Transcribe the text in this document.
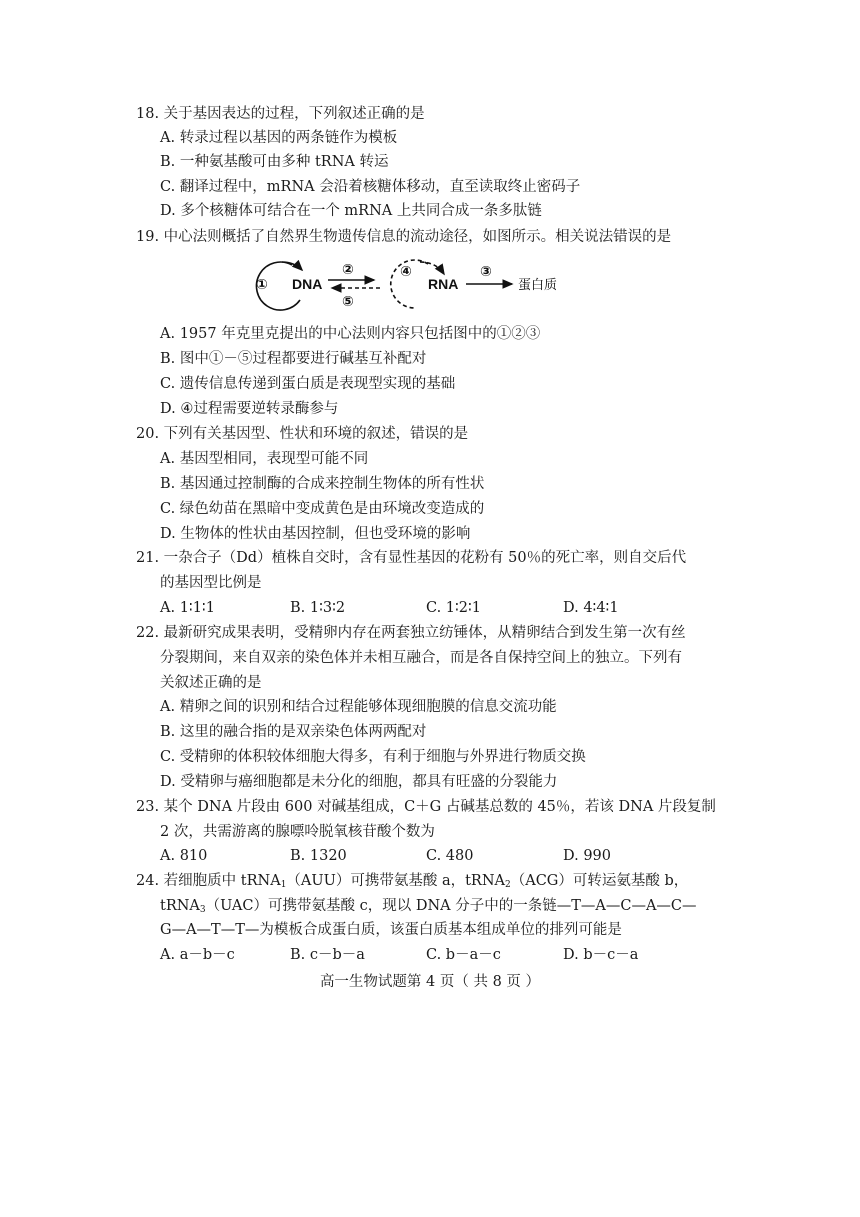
18. 关于基因表达的过程，下列叙述正确的是
A. 转录过程以基因的两条链作为模板
B. 一种氨基酸可由多种 tRNA 转运
C. 翻译过程中，mRNA 会沿着核糖体移动，直至读取终止密码子
D. 多个核糖体可结合在一个 mRNA 上共同合成一条多肽链
19. 中心法则概括了自然界生物遗传信息的流动途径，如图所示。相关说法错误的是
① DNA
②
⑤
④
RNA
③
蛋白质
A. 1957 年克里克提出的中心法则内容只包括图中的①②③
B. 图中①－⑤过程都要进行碱基互补配对
C. 遗传信息传递到蛋白质是表现型实现的基础
D. ④过程需要逆转录酶参与
20. 下列有关基因型、性状和环境的叙述，错误的是
A. 基因型相同，表现型可能不同
B. 基因通过控制酶的合成来控制生物体的所有性状
C. 绿色幼苗在黑暗中变成黄色是由环境改变造成的
D. 生物体的性状由基因控制，但也受环境的影响
21. 一杂合子（Dd）植株自交时，含有显性基因的花粉有 50％的死亡率，则自交后代
的基因型比例是
A. 1∶1∶1	B. 1∶3∶2	C. 1∶2∶1	D. 4∶4∶1
22. 最新研究成果表明，受精卵内存在两套独立纺锤体，从精卵结合到发生第一次有丝
分裂期间，来自双亲的染色体并未相互融合，而是各自保持空间上的独立。下列有
关叙述正确的是
A. 精卵之间的识别和结合过程能够体现细胞膜的信息交流功能
B. 这里的融合指的是双亲染色体两两配对
C. 受精卵的体积较体细胞大得多，有利于细胞与外界进行物质交换
D. 受精卵与癌细胞都是未分化的细胞，都具有旺盛的分裂能力
23. 某个 DNA 片段由 600 对碱基组成，C＋G 占碱基总数的 45％，若该 DNA 片段复制
2 次，共需游离的腺嘌呤脱氧核苷酸个数为
A. 810	B. 1320	C. 480	D. 990
24. 若细胞质中 tRNA$_1$（AUU）可携带氨基酸 a，tRNA$_2$（ACG）可转运氨基酸 b，
tRNA$_3$（UAC）可携带氨基酸 c，现以 DNA 分子中的一条链—T—A—C—A—C—
G—A—T—T—为模板合成蛋白质，该蛋白质基本组成单位的排列可能是
A. a－b－c	B. c－b－a	C. b－a－c	D. b－c－a
高一生物试题第 4 页（ 共 8 页 ）
